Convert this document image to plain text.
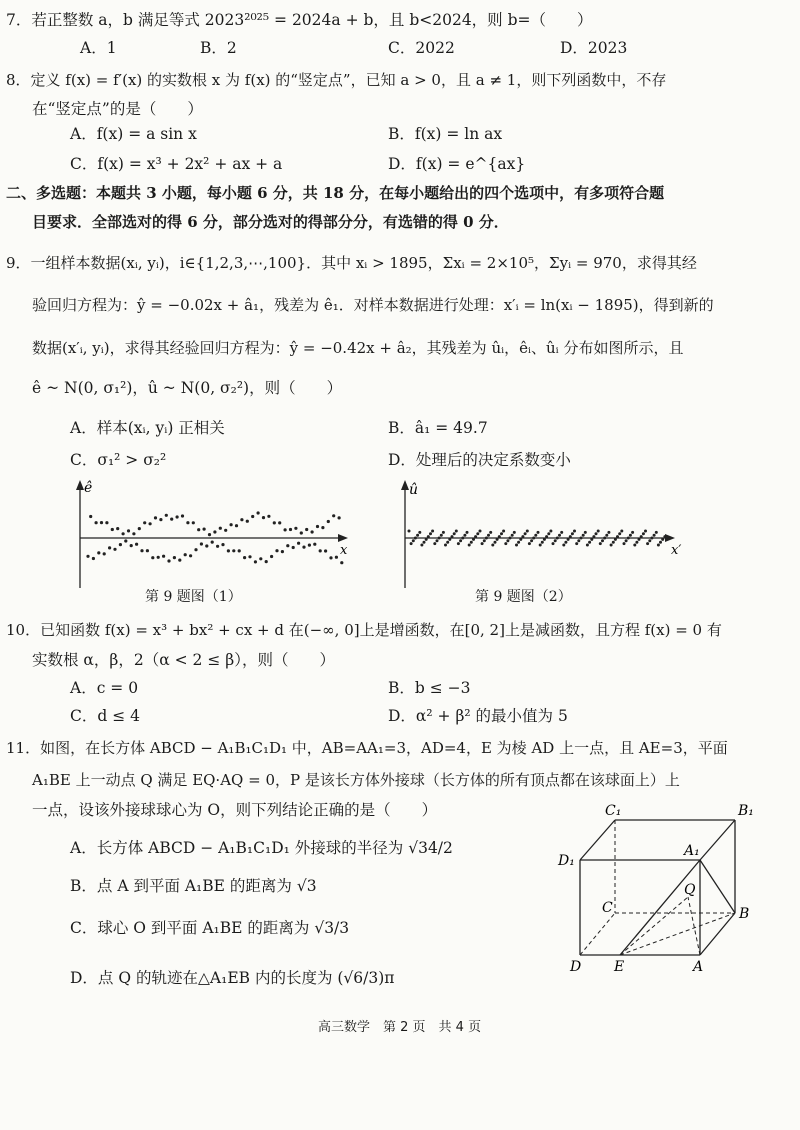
7．若正整数 a，b 满足等式 2023²⁰²⁵ = 2024a + b，且 b<2024，则 b=（　　）
A．1	B．2	C．2022	D．2023
8．定义 f(x) = f′(x) 的实数根 x 为 f(x) 的“竖定点”，已知 a > 0，且 a ≠ 1，则下列函数中，不存
在“竖定点”的是（　　）
A．f(x) = a sin x	B．f(x) = ln ax
C．f(x) = x³ + 2x² + ax + a	D．f(x) = e^{ax}
二、多选题：本题共 3 小题，每小题 6 分，共 18 分，在每小题给出的四个选项中，有多项符合题
目要求．全部选对的得 6 分，部分选对的得部分分，有选错的得 0 分．
9．一组样本数据(xᵢ, yᵢ)，i∈{1,2,3,⋯,100}．其中 xᵢ > 1895，Σxᵢ = 2×10⁵，Σyᵢ = 970，求得其经
验回归方程为：ŷ = −0.02x + â₁，残差为 ê₁．对样本数据进行处理：x′ᵢ = ln(xᵢ − 1895)，得到新的
数据(x′ᵢ, yᵢ)，求得其经验回归方程为：ŷ = −0.42x + â₂，其残差为 ûᵢ，êᵢ、ûᵢ 分布如图所示，且
ê ~ N(0, σ₁²)，û ~ N(0, σ₂²)，则（　　）
A．样本(xᵢ, yᵢ) 正相关	B．â₁ = 49.7
C．σ₁² > σ₂²	D．处理后的决定系数变小
ê
x
第 9 题图（1）
û
x′
第 9 题图（2）
10．已知函数 f(x) = x³ + bx² + cx + d 在(−∞, 0]上是增函数，在[0, 2]上是减函数，且方程 f(x) = 0 有
实数根 α，β，2（α < 2 ≤ β），则（　　）
A．c = 0	B．b ≤ −3
C．d ≤ 4	D．α² + β² 的最小值为 5
11．如图，在长方体 ABCD − A₁B₁C₁D₁ 中，AB=AA₁=3，AD=4，E 为棱 AD 上一点，且 AE=3，平面
A₁BE 上一动点 Q 满足 EQ·AQ = 0，P 是该长方体外接球（长方体的所有顶点都在该球面上）上
一点，设该外接球球心为 O，则下列结论正确的是（　　）
A．长方体 ABCD − A₁B₁C₁D₁ 外接球的半径为 √34/2
B．点 A 到平面 A₁BE 的距离为 √3
C．球心 O 到平面 A₁BE 的距离为 √3/3
D．点 Q 的轨迹在△A₁EB 内的长度为 (√6/3)π
C₁	B₁
D₁
A₁
Q
C	B
D E	A
高三数学　第 2 页　共 4 页
